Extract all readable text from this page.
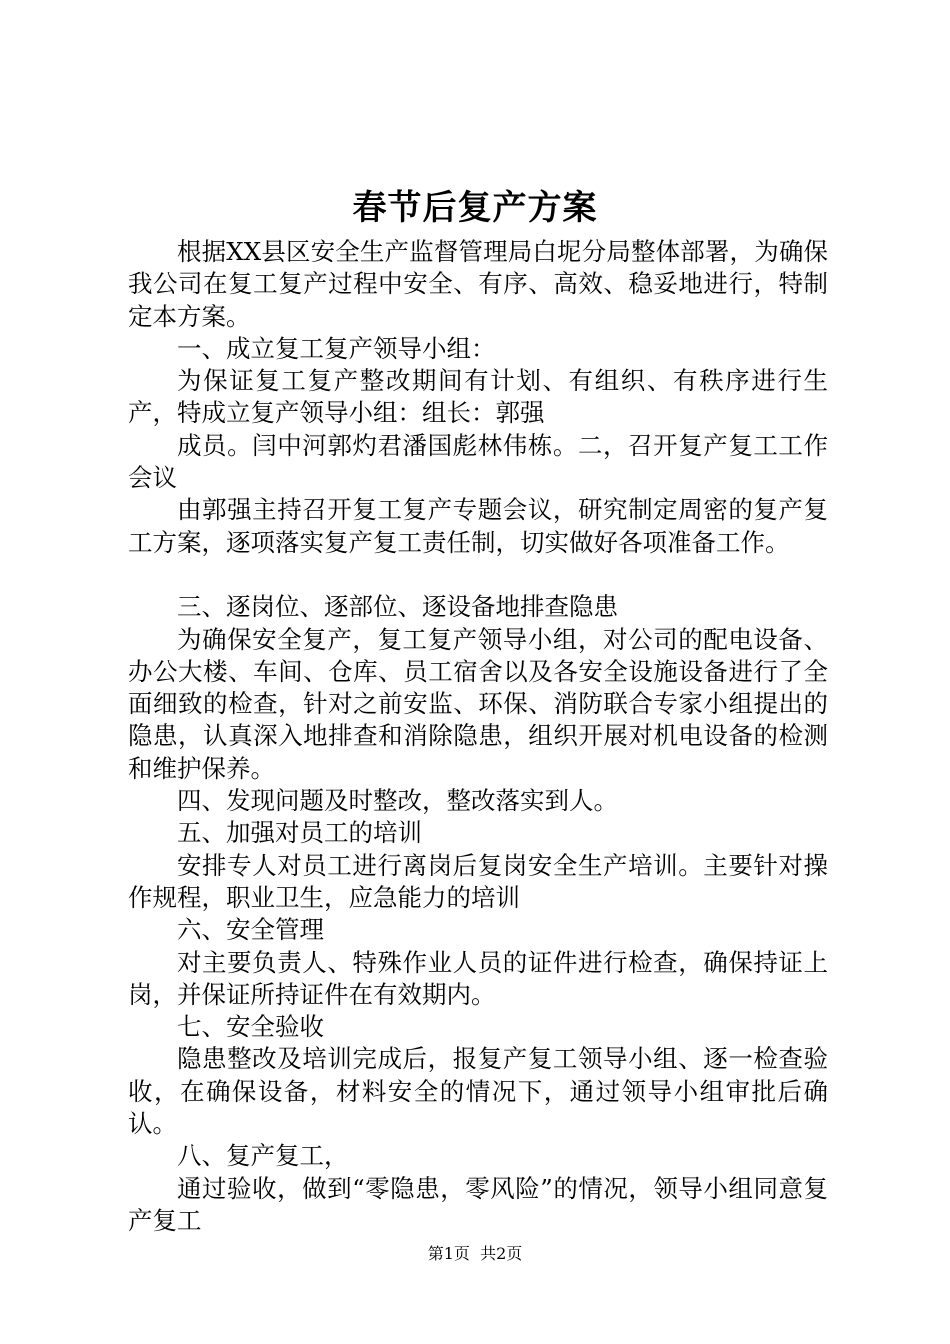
春节后复产方案

根据XX县区安全生产监督管理局白坭分局整体部署，为确保我公司在复工复产过程中安全、有序、高效、稳妥地进行，特制定本方案。

一、成立复工复产领导小组：

为保证复工复产整改期间有计划、有组织、有秩序进行生产，特成立复产领导小组：组长：郭强

成员。闫中河郭灼君潘国彪林伟栋。二，召开复产复工工作会议

由郭强主持召开复工复产专题会议，研究制定周密的复产复工方案，逐项落实复产复工责任制，切实做好各项准备工作。

三、逐岗位、逐部位、逐设备地排查隐患

为确保安全复产，复工复产领导小组，对公司的配电设备、办公大楼、车间、仓库、员工宿舍以及各安全设施设备进行了全面细致的检查，针对之前安监、环保、消防联合专家小组提出的隐患，认真深入地排查和消除隐患，组织开展对机电设备的检测和维护保养。

四、发现问题及时整改，整改落实到人。

五、加强对员工的培训

安排专人对员工进行离岗后复岗安全生产培训。主要针对操作规程，职业卫生，应急能力的培训

六、安全管理

对主要负责人、特殊作业人员的证件进行检查，确保持证上岗，并保证所持证件在有效期内。

七、安全验收

隐患整改及培训完成后，报复产复工领导小组、逐一检查验收，在确保设备，材料安全的情况下，通过领导小组审批后确认。

八、复产复工，

通过验收，做到“零隐患，零风险”的情况，领导小组同意复产复工

第1页 共2页
